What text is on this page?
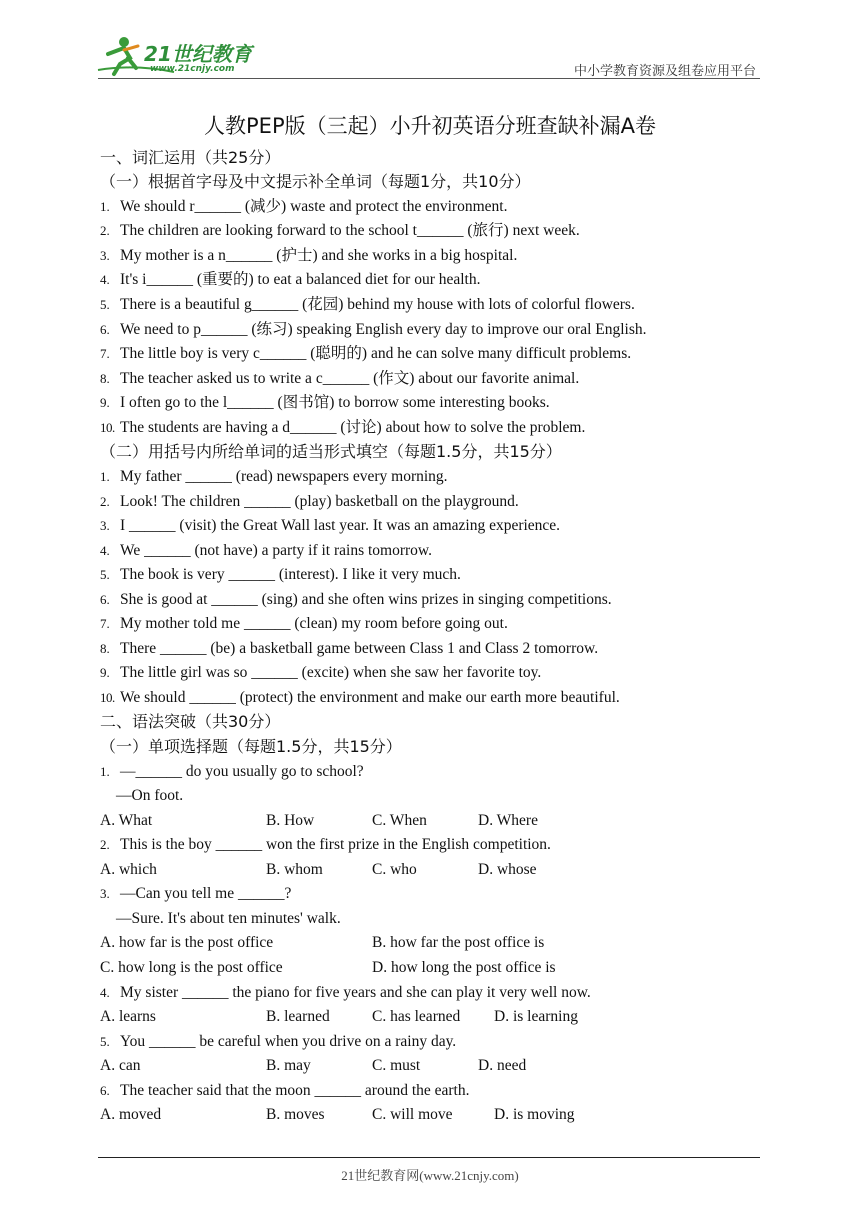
21世纪教育
www.21cnjy.com	中小学教育资源及组卷应用平台
人教PEP版（三起）小升初英语分班查缺补漏A卷
一、词汇运用（共25分）
（一）根据首字母及中文提示补全单词（每题1分，共10分）
1. We should r______ (减少) waste and protect the environment.
2. The children are looking forward to the school t______ (旅行) next week.
3. My mother is a n______ (护士) and she works in a big hospital.
4. It's i______ (重要的) to eat a balanced diet for our health.
5. There is a beautiful g______ (花园) behind my house with lots of colorful flowers.
6. We need to p______ (练习) speaking English every day to improve our oral English.
7. The little boy is very c______ (聪明的) and he can solve many difficult problems.
8. The teacher asked us to write a c______ (作文) about our favorite animal.
9. I often go to the l______ (图书馆) to borrow some interesting books.
10. The students are having a d______ (讨论) about how to solve the problem.
（二）用括号内所给单词的适当形式填空（每题1.5分，共15分）
1. My father ______ (read) newspapers every morning.
2. Look! The children ______ (play) basketball on the playground.
3. I ______ (visit) the Great Wall last year. It was an amazing experience.
4. We ______ (not have) a party if it rains tomorrow.
5. The book is very ______ (interest). I like it very much.
6. She is good at ______ (sing) and she often wins prizes in singing competitions.
7. My mother told me ______ (clean) my room before going out.
8. There ______ (be) a basketball game between Class 1 and Class 2 tomorrow.
9. The little girl was so ______ (excite) when she saw her favorite toy.
10. We should ______ (protect) the environment and make our earth more beautiful.
二、语法突破（共30分）
（一）单项选择题（每题1.5分，共15分）
1. —______ do you usually go to school?
—On foot.
A. What	B. How	C. When	D. Where
2. This is the boy ______ won the first prize in the English competition.
A. which	B. whom	C. who	D. whose
3. —Can you tell me ______?
—Sure. It's about ten minutes' walk.
A. how far is the post office	B. how far the post office is
C. how long is the post office	D. how long the post office is
4. My sister ______ the piano for five years and she can play it very well now.
A. learns	B. learned	C. has learned D. is learning
5. You ______ be careful when you drive on a rainy day.
A. can	B. may	C. must	D. need
6. The teacher said that the moon ______ around the earth.
A. moved	B. moves	C. will move	D. is moving
21世纪教育网(www.21cnjy.com)
